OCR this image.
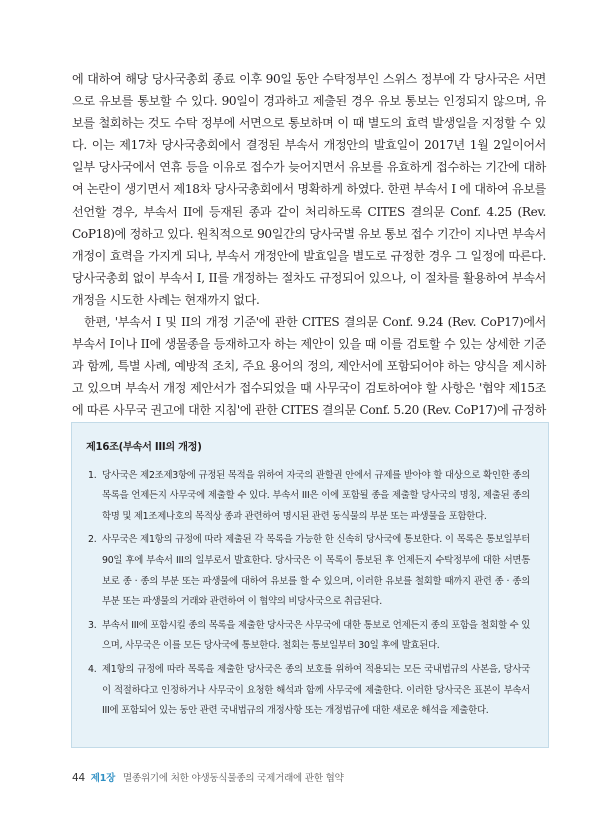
에 대하여 해당 당사국총회 종료 이후 90일 동안 수탁정부인 스위스 정부에 각 당사국은 서면으로 유보를 통보할 수 있다. 90일이 경과하고 제출된 경우 유보 통보는 인정되지 않으며, 유보를 철회하는 것도 수탁 정부에 서면으로 통보하며 이 때 별도의 효력 발생일을 지정할 수 있다. 이는 제17차 당사국총회에서 결정된 부속서 개정안의 발효일이 2017년 1월 2일이어서 일부 당사국에서 연휴 등을 이유로 접수가 늦어지면서 유보를 유효하게 접수하는 기간에 대하여 논란이 생기면서 제18차 당사국총회에서 명확하게 하였다. 한편 부속서 I 에 대하여 유보를 선언할 경우, 부속서 II에 등재된 종과 같이 처리하도록 CITES 결의문 Conf. 4.25 (Rev. CoP18)에 정하고 있다. 원칙적으로 90일간의 당사국별 유보 통보 접수 기간이 지나면 부속서 개정이 효력을 가지게 되나, 부속서 개정안에 발효일을 별도로 규정한 경우 그 일정에 따른다. 당사국총회 없이 부속서 I, II를 개정하는 절차도 규정되어 있으나, 이 절차를 활용하여 부속서 개정을 시도한 사례는 현재까지 없다.

한편, '부속서 I 및 II의 개정 기준'에 관한 CITES 결의문 Conf. 9.24 (Rev. CoP17)에서 부속서 I이나 II에 생물종을 등재하고자 하는 제안이 있을 때 이를 검토할 수 있는 상세한 기준과 함께, 특별 사례, 예방적 조치, 주요 용어의 정의, 제안서에 포함되어야 하는 양식을 제시하고 있으며 부속서 개정 제안서가 접수되었을 때 사무국이 검토하여야 할 사항은 '협약 제15조에 따른 사무국 권고에 대한 지침'에 관한 CITES 결의문 Conf. 5.20 (Rev. CoP17)에 규정하

제16조(부속서 III의 개정)
1. 당사국은 제2조제3항에 규정된 목적을 위하여 자국의 관할권 안에서 규제를 받아야 할 대상으로 확인한 종의 목록을 언제든지 사무국에 제출할 수 있다. 부속서 III은 이에 포함될 종을 제출할 당사국의 명칭, 제출된 종의 학명 및 제1조제나호의 목적상 종과 관련하여 명시된 관련 동식물의 부분 또는 파생물을 포함한다.
2. 사무국은 제1항의 규정에 따라 제출된 각 목록을 가능한 한 신속히 당사국에 통보한다. 이 목록은 통보일부터 90일 후에 부속서 III의 일부로서 발효한다. 당사국은 이 목록이 통보된 후 언제든지 수탁정부에 대한 서면통보로 종 · 종의 부분 또는 파생물에 대하여 유보를 할 수 있으며, 이러한 유보를 철회할 때까지 관련 종 · 종의 부분 또는 파생물의 거래와 관련하여 이 협약의 비당사국으로 취급된다.
3. 부속서 III에 포함시킬 종의 목록을 제출한 당사국은 사무국에 대한 통보로 언제든지 종의 포함을 철회할 수 있으며, 사무국은 이를 모든 당사국에 통보한다. 철회는 통보일부터 30일 후에 발효된다.
4. 제1항의 규정에 따라 목록을 제출한 당사국은 종의 보호를 위하여 적용되는 모든 국내법규의 사본을, 당사국이 적절하다고 인정하거나 사무국이 요청한 해석과 함께 사무국에 제출한다. 이러한 당사국은 표본이 부속서 III에 포함되어 있는 동안 관련 국내법규의 개정사항 또는 개정법규에 대한 새로운 해석을 제출한다.
44 제1장 멸종위기에 처한 야생동식물종의 국제거래에 관한 협약
